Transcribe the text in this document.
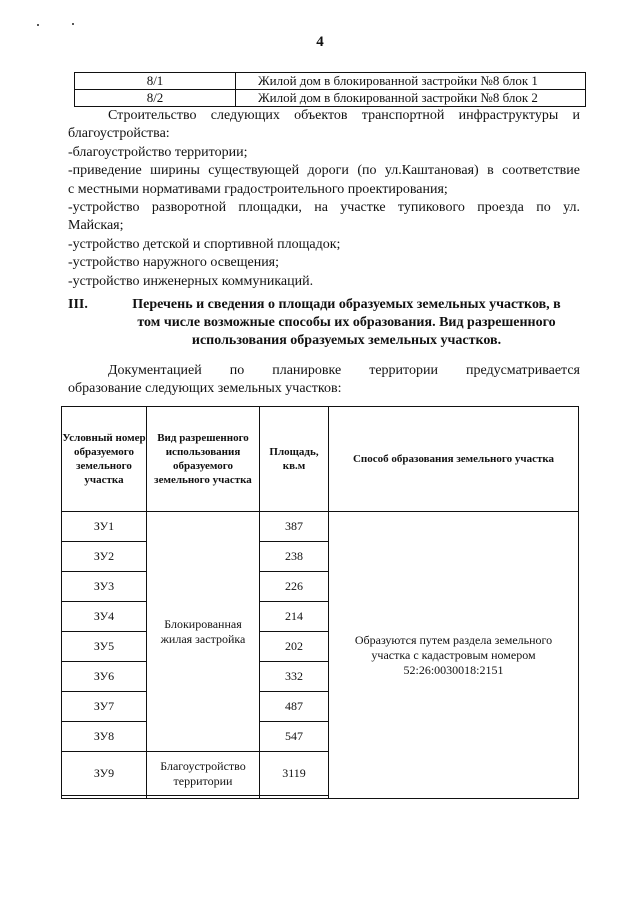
4
8/1	Жилой дом в блокированной застройки №8 блок 1
8/2	Жилой дом в блокированной застройки №8 блок 2
Строительство следующих объектов транспортной инфраструктуры и
благоустройства:
-благоустройство территории;
-приведение ширины существующей дороги (по ул.Каштановая) в соответствие
с местными нормативами градостроительного проектирования;
-устройство разворотной площадки, на участке тупикового проезда по ул.
Майская;
-устройство детской и спортивной площадок;
-устройство наружного освещения;
-устройство инженерных коммуникаций.
III.	Перечень и сведения о площади образуемых земельных участков, в
том числе возможные способы их образования. Вид разрешенного
использования образуемых земельных участков.
Документацией по планировке территории предусматривается
образование следующих земельных участков:
Условный номер образуемого земельного участка	Вид разрешенного использования образуемого земельного участка	Площадь, кв.м	Способ образования земельного участка
ЗУ1	Блокированная жилая застройка	387	Образуются путем раздела земельного участка с кадастровым номером 52:26:0030018:2151
ЗУ2		238	
ЗУ3		226	
ЗУ4		214	
ЗУ5		202	
ЗУ6		332	
ЗУ7		487	
ЗУ8		547	
ЗУ9	Благоустройство территории	3119	
